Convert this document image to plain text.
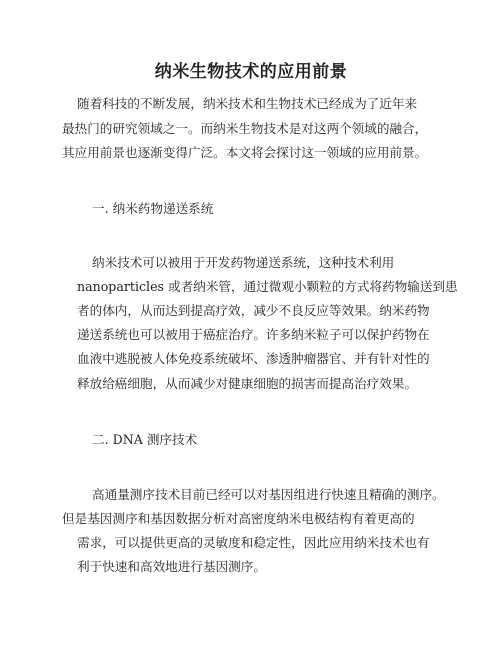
纳米生物技术的应用前景
随着科技的不断发展，纳米技术和生物技术已经成为了近年来
最热门的研究领域之一。而纳米生物技术是对这两个领域的融合，
其应用前景也逐渐变得广泛。本文将会探讨这一领域的应用前景。
一. 纳米药物递送系统
纳米技术可以被用于开发药物递送系统，这种技术利用
nanoparticles 或者纳米管，通过微观小颗粒的方式将药物输送到患
者的体内，从而达到提高疗效，减少不良反应等效果。纳米药物
递送系统也可以被用于癌症治疗。许多纳米粒子可以保护药物在
血液中逃脱被人体免疫系统破坏、渗透肿瘤器官、并有针对性的
释放给癌细胞，从而减少对健康细胞的损害而提高治疗效果。
二. DNA 测序技术
高通量测序技术目前已经可以对基因组进行快速且精确的测序。
但是基因测序和基因数据分析对高密度纳米电极结构有着更高的
需求，可以提供更高的灵敏度和稳定性，因此应用纳米技术也有
利于快速和高效地进行基因测序。
